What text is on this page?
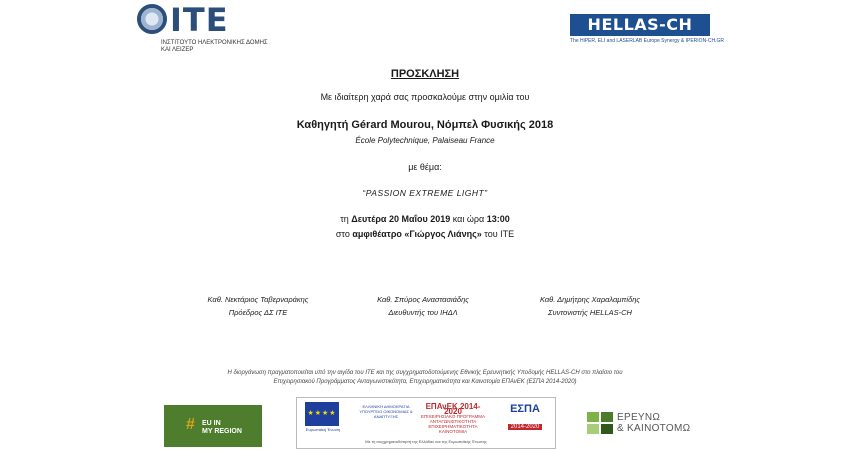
ITE
ΙΝΣΤΙΤΟΥΤΟ ΗΛΕΚΤΡΟΝΙΚΗΣ ΔΟΜΗΣ ΚΑΙ ΛΕΙΖΕΡ
HELLAS-CH
The HiPER, ELI and LASERLAB Europe Synergy & IPERION-CH.GR
ΠΡΟΣΚΛΗΣΗ
Με ιδιαίτερη χαρά σας προσκαλούμε στην ομιλία του
Καθηγητή Gérard Mourou, Νόμπελ Φυσικής 2018
École Polytechnique, Palaiseau France
με θέμα:
“PASSION EXTREME LIGHT”
τη Δευτέρα 20 Μαΐου 2019 και ώρα 13:00
στο αμφιθέατρο «Γιώργος Λιάνης» του ΙΤΕ
Καθ. Νεκτάριος Ταβερναράκης
Πρόεδρος ΔΣ ΙΤΕ
Καθ. Σπύρος Αναστασιάδης
Διευθυντής του ΙΗΔΛ
Καθ. Δημήτρης Χαραλαμπίδης
Συντονιστής HELLAS-CH
Η διοργάνωση πραγματοποιείται υπό την αιγίδα του ΙΤΕ και της συγχρηματοδοτούμενης Εθνικής Ερευνητικής Υποδομής HELLAS-CH στο πλαίσιο του
Επιχειρησιακού Προγράμματος Ανταγωνιστικότητα, Επιχειρηματικότητα και Καινοτομία ΕΠΑνΕΚ (ΕΣΠΑ 2014-2020)
# EU IN
MY REGION
★★★★
Ευρωπαϊκή Ένωση
ΕΛΛΗΝΙΚΗ ΔΗΜΟΚΡΑΤΙΑ ΥΠΟΥΡΓΕΙΟ ΟΙΚΟΝΟΜΙΑΣ & ΑΝΑΠΤΥΞΗΣ
ΕΠΑνΕΚ 2014-2020
ΕΠΙΧΕΙΡΗΣΙΑΚΟ ΠΡΟΓΡΑΜΜΑ ΑΝΤΑΓΩΝΙΣΤΙΚΟΤΗΤΑ ΕΠΙΧΕΙΡΗΜΑΤΙΚΟΤΗΤΑ ΚΑΙΝΟΤΟΜΙΑ
ΕΣΠΑ
2014-2020
Με τη συγχρηματοδότηση της Ελλάδας και της Ευρωπαϊκής Ένωσης
ΕΡΕΥΝΩ
& ΚΑΙΝΟΤΟΜΩ
